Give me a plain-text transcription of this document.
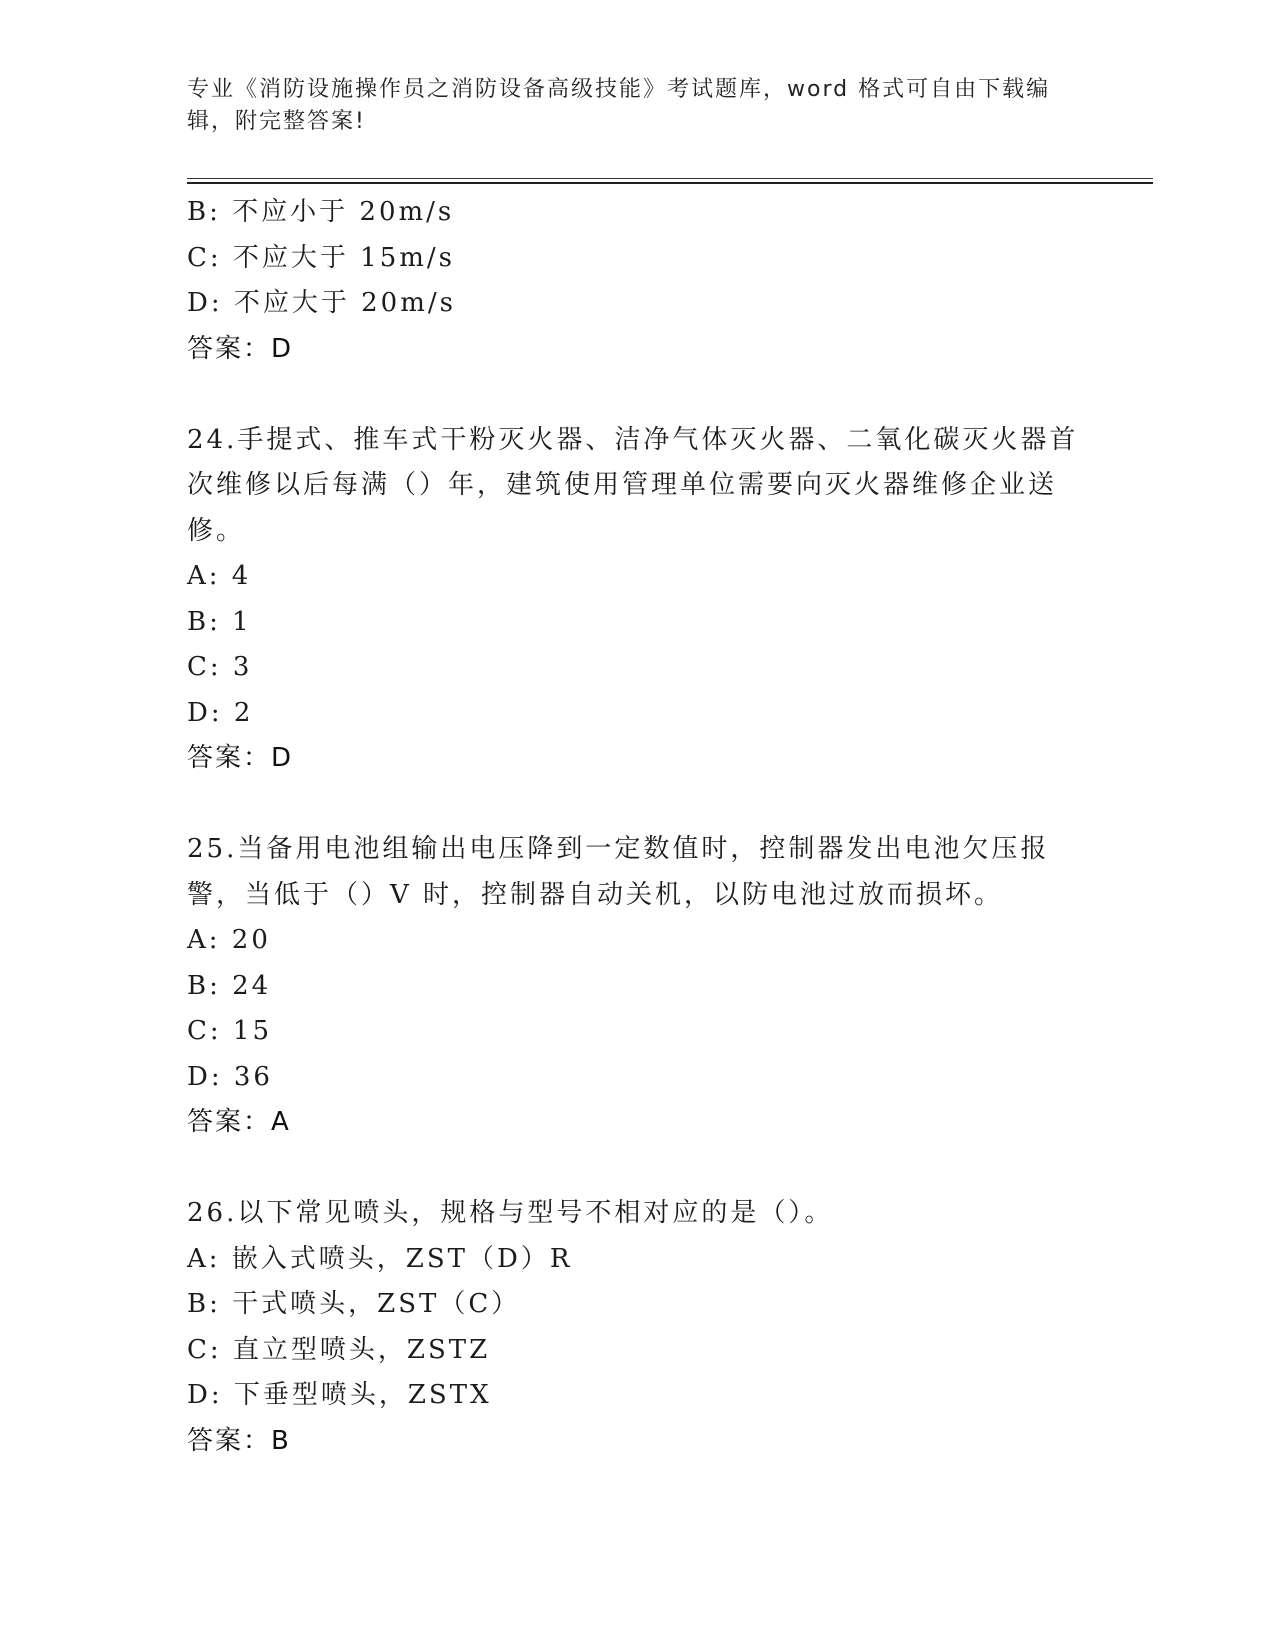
专业《消防设施操作员之消防设备高级技能》考试题库，word 格式可自由下载编辑，附完整答案!
B: 不应小于 20m/s
C: 不应大于 15m/s
D: 不应大于 20m/s
答案：D
24.手提式、推车式干粉灭火器、洁净气体灭火器、二氧化碳灭火器首次维修以后每满（）年，建筑使用管理单位需要向灭火器维修企业送修。
A: 4
B: 1
C: 3
D: 2
答案：D
25.当备用电池组输出电压降到一定数值时，控制器发出电池欠压报警，当低于（）V 时，控制器自动关机，以防电池过放而损坏。
A: 20
B: 24
C: 15
D: 36
答案：A
26.以下常见喷头，规格与型号不相对应的是（）。
A: 嵌入式喷头，ZST（D）R
B: 干式喷头，ZST（C）
C: 直立型喷头，ZSTZ
D: 下垂型喷头，ZSTX
答案：B
